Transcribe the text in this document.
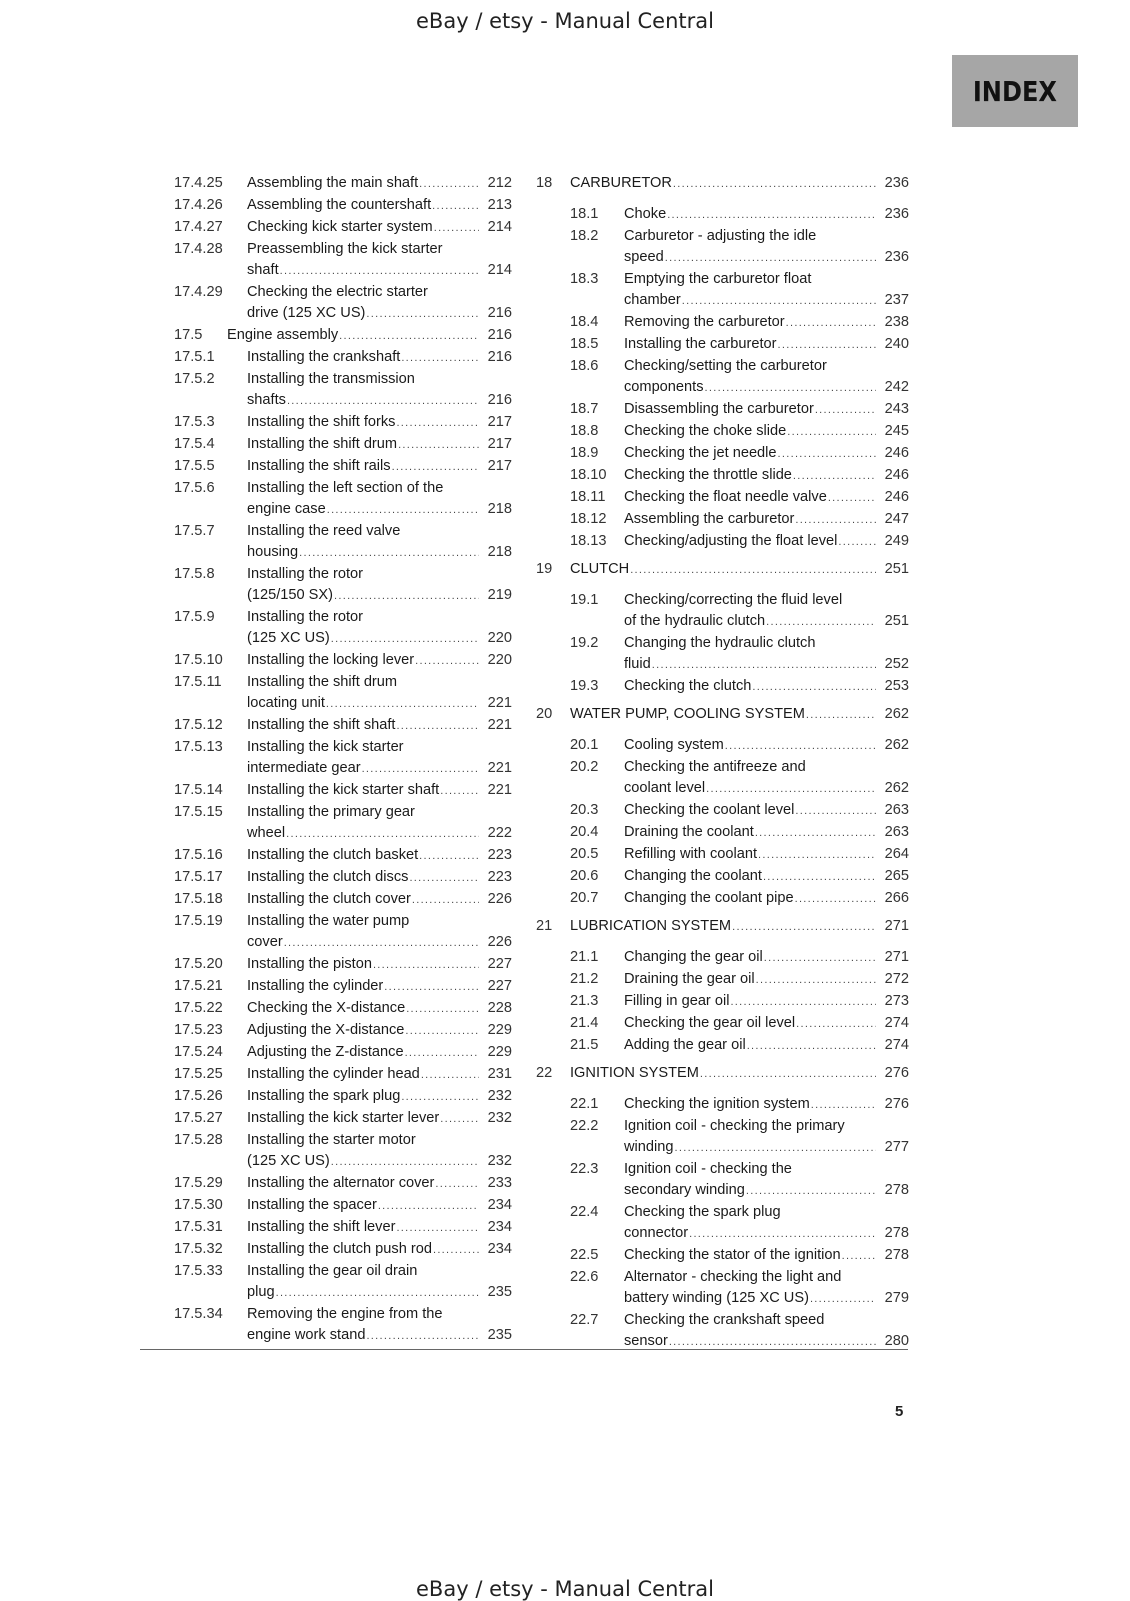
eBay / etsy - Manual Central
INDEX
17.4.25	Assembling the main shaft .....	212
17.4.26	Assembling the countershaft .....	213
17.4.27	Checking kick starter system .....	214
17.4.28	Preassembling the kick starter
shaft .....	214
17.4.29	Checking the electric starter
drive (125 XC US) .....	216
17.5	Engine assembly .....	216
17.5.1	Installing the crankshaft .....	216
17.5.2	Installing the transmission
shafts .....	216
17.5.3	Installing the shift forks .....	217
17.5.4	Installing the shift drum .....	217
17.5.5	Installing the shift rails .....	217
17.5.6	Installing the left section of the
engine case .....	218
17.5.7	Installing the reed valve
housing .....	218
17.5.8	Installing the rotor
(125/150 SX) .....	219
17.5.9	Installing the rotor
(125 XC US) .....	220
17.5.10	Installing the locking lever .....	220
17.5.11	Installing the shift drum
locating unit .....	221
17.5.12	Installing the shift shaft .....	221
17.5.13	Installing the kick starter
intermediate gear .....	221
17.5.14	Installing the kick starter shaft .....	221
17.5.15	Installing the primary gear
wheel .....	222
17.5.16	Installing the clutch basket .....	223
17.5.17	Installing the clutch discs .....	223
17.5.18	Installing the clutch cover .....	226
17.5.19	Installing the water pump
cover .....	226
17.5.20	Installing the piston .....	227
17.5.21	Installing the cylinder .....	227
17.5.22	Checking the X-distance .....	228
17.5.23	Adjusting the X-distance .....	229
17.5.24	Adjusting the Z-distance .....	229
17.5.25	Installing the cylinder head .....	231
17.5.26	Installing the spark plug .....	232
17.5.27	Installing the kick starter lever .....	232
17.5.28	Installing the starter motor
(125 XC US) .....	232
17.5.29	Installing the alternator cover .....	233
17.5.30	Installing the spacer .....	234
17.5.31	Installing the shift lever .....	234
17.5.32	Installing the clutch push rod .....	234
17.5.33	Installing the gear oil drain
plug .....	235
17.5.34	Removing the engine from the
engine work stand .....	235
18	CARBURETOR .....	236
18.1	Choke .....	236
18.2	Carburetor - adjusting the idle
speed .....	236
18.3	Emptying the carburetor float
chamber .....	237
18.4	Removing the carburetor .....	238
18.5	Installing the carburetor .....	240
18.6	Checking/setting the carburetor
components .....	242
18.7	Disassembling the carburetor .....	243
18.8	Checking the choke slide .....	245
18.9	Checking the jet needle .....	246
18.10	Checking the throttle slide .....	246
18.11	Checking the float needle valve .....	246
18.12	Assembling the carburetor .....	247
18.13	Checking/adjusting the float level .....	249
19	CLUTCH .....	251
19.1	Checking/correcting the fluid level
of the hydraulic clutch .....	251
19.2	Changing the hydraulic clutch
fluid .....	252
19.3	Checking the clutch .....	253
20	WATER PUMP, COOLING SYSTEM .....	262
20.1	Cooling system .....	262
20.2	Checking the antifreeze and
coolant level .....	262
20.3	Checking the coolant level .....	263
20.4	Draining the coolant .....	263
20.5	Refilling with coolant .....	264
20.6	Changing the coolant .....	265
20.7	Changing the coolant pipe .....	266
21	LUBRICATION SYSTEM .....	271
21.1	Changing the gear oil .....	271
21.2	Draining the gear oil .....	272
21.3	Filling in gear oil .....	273
21.4	Checking the gear oil level .....	274
21.5	Adding the gear oil .....	274
22	IGNITION SYSTEM .....	276
22.1	Checking the ignition system .....	276
22.2	Ignition coil - checking the primary
winding .....	277
22.3	Ignition coil - checking the
secondary winding .....	278
22.4	Checking the spark plug
connector .....	278
22.5	Checking the stator of the ignition .....	278
22.6	Alternator - checking the light and
battery winding (125 XC US) .....	279
22.7	Checking the crankshaft speed
sensor .....	280
5
eBay / etsy - Manual Central
